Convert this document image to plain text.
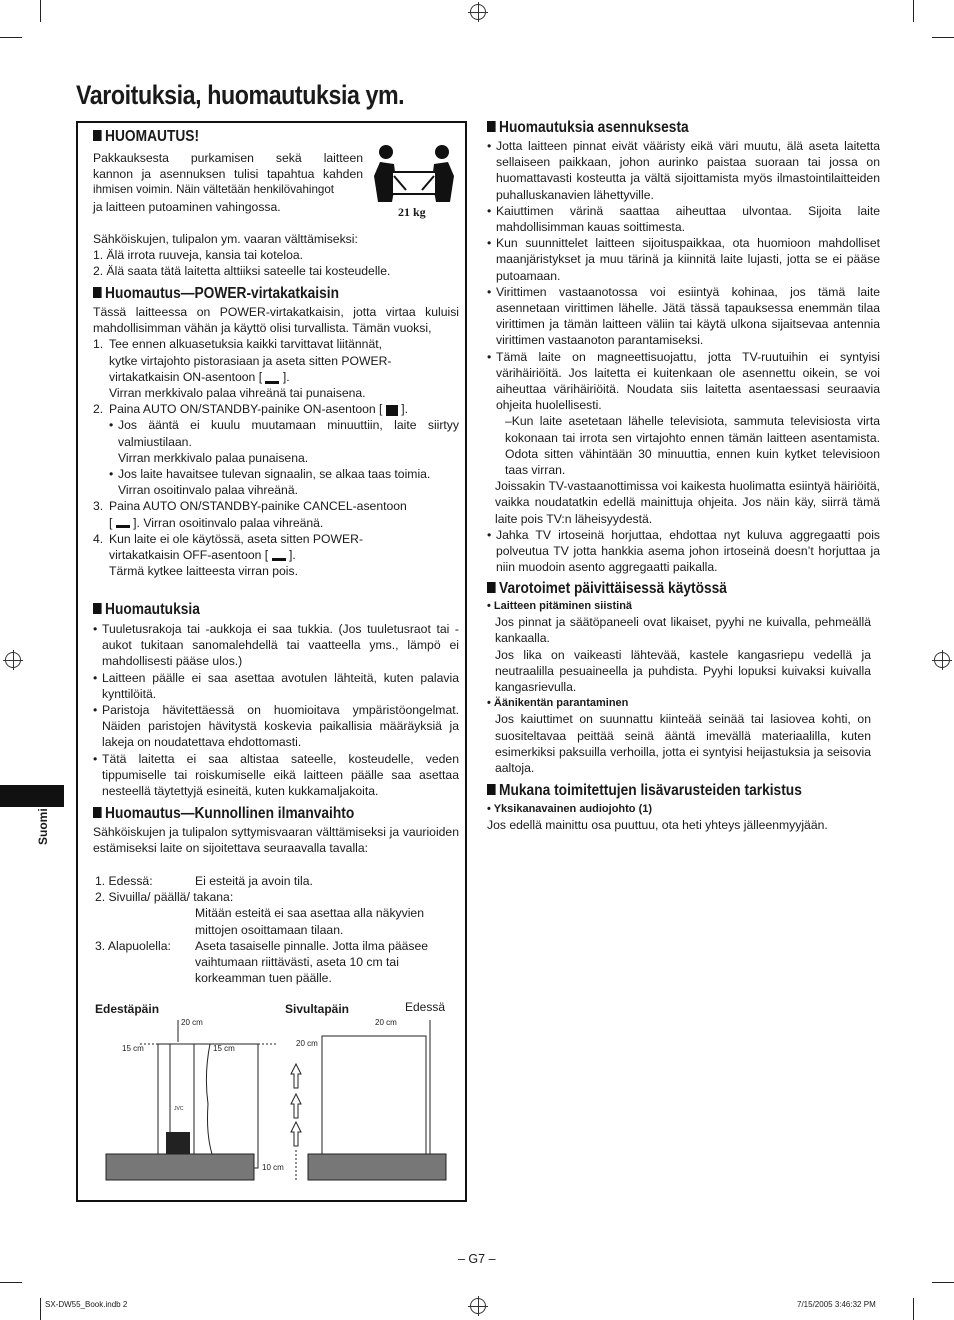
Varoituksia, huomautuksia ym.
Suomi
HUOMAUTUS!

Pakkauksesta purkamisen sekä laitteen

kannon ja asennuksen tulisi tapahtua kahden

ihmisen voimin. Näin vältetään henkilövahingot

ja laitteen putoaminen vahingossa.	21 kg

Sähköiskujen, tulipalon ym. vaaran välttämiseksi:

1. Älä irrota ruuveja, kansia tai koteloa.

2. Älä saata tätä laitetta alttiiksi sateelle tai kosteudelle.

Huomautus—POWER-virtakatkaisin

Tässä laitteessa on POWER-virtakatkaisin, jotta virtaa kuluisi mahdollisimman vähän ja käyttö olisi turvallista. Tämän vuoksi,

1. Tee ennen alkuasetuksia kaikki tarvittavat liitännät,

kytke virtajohto pistorasiaan ja aseta sitten POWER-

virtakatkaisin ON-asentoon [ ].

Virran merkkivalo palaa vihreänä tai punaisena.

2. Paina AUTO ON/STANDBY-painike ON-asentoon [ ].

• Jos ääntä ei kuulu muutamaan minuuttiin, laite siirtyy valmiustilaan.

Virran merkkivalo palaa punaisena.

• Jos laite havaitsee tulevan signaalin, se alkaa taas toimia.

Virran osoitinvalo palaa vihreänä.

3. Paina AUTO ON/STANDBY-painike CANCEL-asentoon

[ ]. Virran osoitinvalo palaa vihreänä.

4. Kun laite ei ole käytössä, aseta sitten POWER-

virtakatkaisin OFF-asentoon [ ].

Tärmä kytkee laitteesta virran pois.

Huomautuksia

• Tuuletusrakoja tai -aukkoja ei saa tukkia. (Jos tuuletusraot tai -aukot tukitaan sanomalehdellä tai vaatteella yms., lämpö ei mahdollisesti pääse ulos.)

• Laitteen päälle ei saa asettaa avotulen lähteitä, kuten palavia kynttilöitä.

• Paristoja hävitettäessä on huomioitava ympäristöongelmat. Näiden paristojen hävitystä koskevia paikallisia määräyksiä ja lakeja on noudatettava ehdottomasti.

• Tätä laitetta ei saa altistaa sateelle, kosteudelle, veden tippumiselle tai roiskumiselle eikä laitteen päälle saa asettaa nesteellä täytettyjä esineitä, kuten kukkamaljakoita.

Huomautus—Kunnollinen ilmanvaihto
Sähköiskujen ja tulipalon syttymisvaaran välttämiseksi ja vaurioiden estämiseksi laite on sijoitettava seuraavalla tavalla:
1. Edessä:	Ei esteitä ja avoin tila.
2. Sivuilla/ päällä/ takana:
Mitään esteitä ei saa asettaa alla näkyvien
mittojen osoittamaan tilaan.
3. Alapuolella: Aseta tasaiselle pinnalle. Jotta ilma pääsee
vaihtumaan riittävästi, aseta 10 cm tai
korkeamman tuen päälle.
Edestäpäin	Sivultapäin	Edessä
20 cm
15 cm	15 cm
JVC
20 cm
20 cm
10 cm
Huomautuksia asennuksesta

• Jotta laitteen pinnat eivät vääristy eikä väri muutu, älä aseta laitetta sellaiseen paikkaan, johon aurinko paistaa suoraan tai jossa on huomattavasti kosteutta ja vältä sijoittamista myös ilmastointilaitteiden puhalluskanavien lähettyville.

• Kaiuttimen värinä saattaa aiheuttaa ulvontaa. Sijoita laite mahdollisimman kauas soittimesta.

• Kun suunnittelet laitteen sijoituspaikkaa, ota huomioon mahdolliset maanjäristykset ja muu tärinä ja kiinnitä laite lujasti, jotta se ei pääse putoamaan.

• Virittimen vastaanotossa voi esiintyä kohinaa, jos tämä laite asennetaan virittimen lähelle. Jätä tässä tapauksessa enemmän tilaa virittimen ja tämän laitteen väliin tai käytä ulkona sijaitsevaa antennia virittimen vastaanoton parantamiseksi.

• Tämä laite on magneettisuojattu, jotta TV-ruutuihin ei syntyisi värihäiriöitä. Jos laitetta ei kuitenkaan ole asennettu oikein, se voi aiheuttaa värihäiriöitä. Noudata siis laitetta asentaessasi seuraavia ohjeita huolellisesti.

–Kun laite asetetaan lähelle televisiota, sammuta televisiosta virta kokonaan tai irrota sen virtajohto ennen tämän laitteen asentamista. Odota sitten vähintään 30 minuuttia, ennen kuin kytket televisioon taas virran.

Joissakin TV-vastaanottimissa voi kaikesta huolimatta esiintyä häiriöitä, vaikka noudatatkin edellä mainittuja ohjeita. Jos näin käy, siirrä tämä laite pois TV:n läheisyydestä.

• Jahka TV irtoseinä horjuttaa, ehdottaa nyt kuluva aggregaatti pois polveutua TV jotta hankkia asema johon irtoseinä doesn’t horjuttaa ja niin muodoin asento aggregaatti paikalla.

Varotoimet päivittäisessä käytössä

• Laitteen pitäminen siistinä

Jos pinnat ja säätöpaneeli ovat likaiset, pyyhi ne kuivalla, pehmeällä kankaalla.

Jos lika on vaikeasti lähtevää, kastele kangasriepu vedellä ja neutraalilla pesuaineella ja puhdista. Pyyhi lopuksi kuivaksi kuivalla kangasrievulla.

• Äänikentän parantaminen

Jos kaiuttimet on suunnattu kiinteää seinää tai lasiovea kohti, on suositeltavaa peittää seinä ääntä imevällä materiaalilla, kuten esimerkiksi paksuilla verhoilla, jotta ei syntyisi heijastuksia ja seisovia aaltoja.

Mukana toimitettujen lisävarusteiden tarkistus

• Yksikanavainen audiojohto (1)

Jos edellä mainittu osa puuttuu, ota heti yhteys jälleenmyyjään.

– G7 –
SX-DW55_Book.indb 2	7/15/2005 3:46:32 PM
